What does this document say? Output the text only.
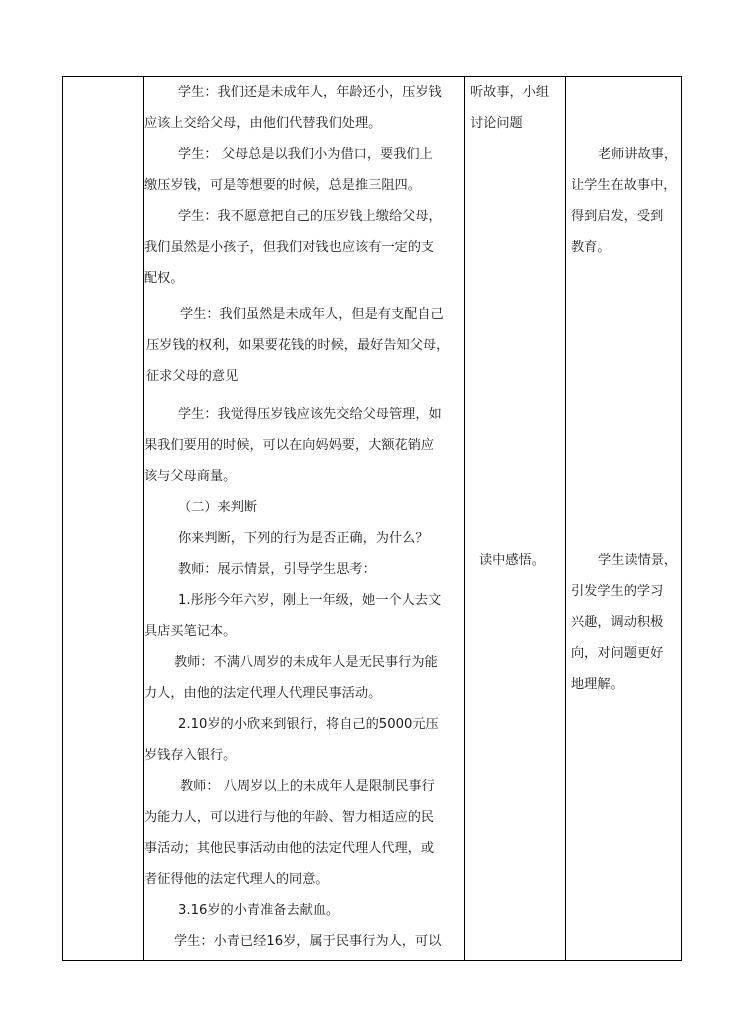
学生：我们还是未成年人，年龄还小，压岁钱
应该上交给父母，由他们代替我们处理。

学生： 父母总是以我们小为借口，要我们上
缴压岁钱，可是等想要的时候，总是推三阻四。

学生：我不愿意把自己的压岁钱上缴给父母，
我们虽然是小孩子，但我们对钱也应该有一定的支
配权。

学生：我们虽然是未成年人，但是有支配自己
压岁钱的权利，如果要花钱的时候，最好告知父母，
征求父母的意见

学生：我觉得压岁钱应该先交给父母管理，如
果我们要用的时候，可以在向妈妈要，大额花销应
该与父母商量。

（二）来判断

你来判断，下列的行为是否正确，为什么？

教师：展示情景，引导学生思考：

1.彤彤今年六岁，刚上一年级，她一个人去文
具店买笔记本。

教师：不满八周岁的未成年人是无民事行为能
力人，由他的法定代理人代理民事活动。

2.10岁的小欣来到银行，将自己的5000元压
岁钱存入银行。

教师： 八周岁以上的未成年人是限制民事行
为能力人，可以进行与他的年龄、智力相适应的民
事活动；其他民事活动由他的法定代理人代理，或
者征得他的法定代理人的同意。

3.16岁的小青准备去献血。

学生：小青已经16岁，属于民事行为人，可以

听故事，小组
讨论问题

读中感悟。

老师讲故事，
让学生在故事中，
得到启发，受到
教育。

学生读情景，
引发学生的学习
兴趣，调动积极
向，对问题更好
地理解。
